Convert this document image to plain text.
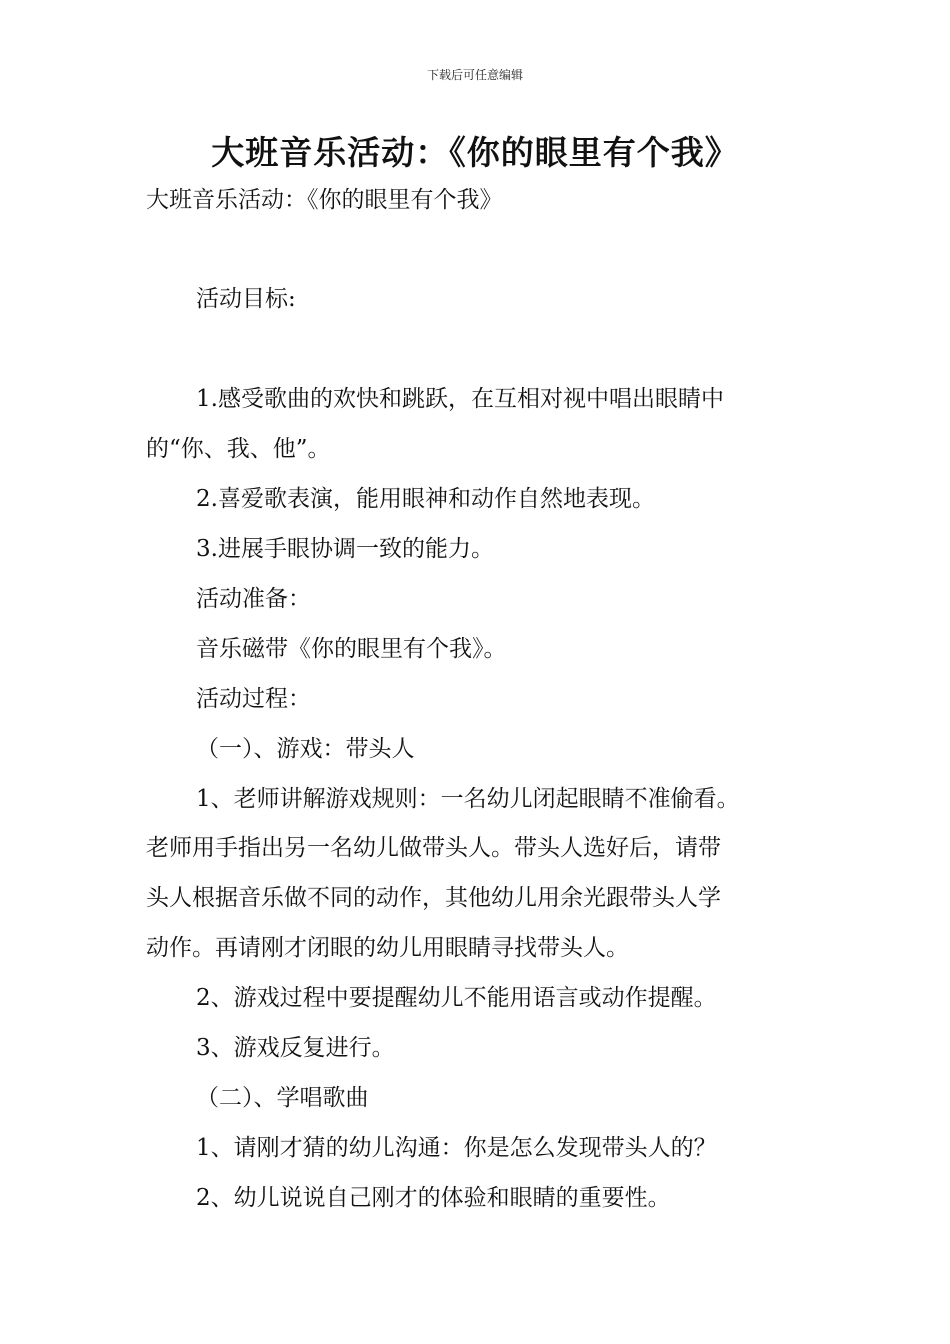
下载后可任意编辑
大班音乐活动：《你的眼里有个我》
大班音乐活动：《你的眼里有个我》
活动目标:
1.感受歌曲的欢快和跳跃，在互相对视中唱出眼睛中
的“你、我、他”。
2.喜爱歌表演，能用眼神和动作自然地表现。
3.进展手眼协调一致的能力。
活动准备：
音乐磁带《你的眼里有个我》。
活动过程：
（一）、游戏：带头人
1、老师讲解游戏规则：一名幼儿闭起眼睛不准偷看。
老师用手指出另一名幼儿做带头人。带头人选好后，请带
头人根据音乐做不同的动作，其他幼儿用余光跟带头人学
动作。再请刚才闭眼的幼儿用眼睛寻找带头人。
2、游戏过程中要提醒幼儿不能用语言或动作提醒。
3、游戏反复进行。
（二）、学唱歌曲
1、请刚才猜的幼儿沟通：你是怎么发现带头人的？
2、幼儿说说自己刚才的体验和眼睛的重要性。
